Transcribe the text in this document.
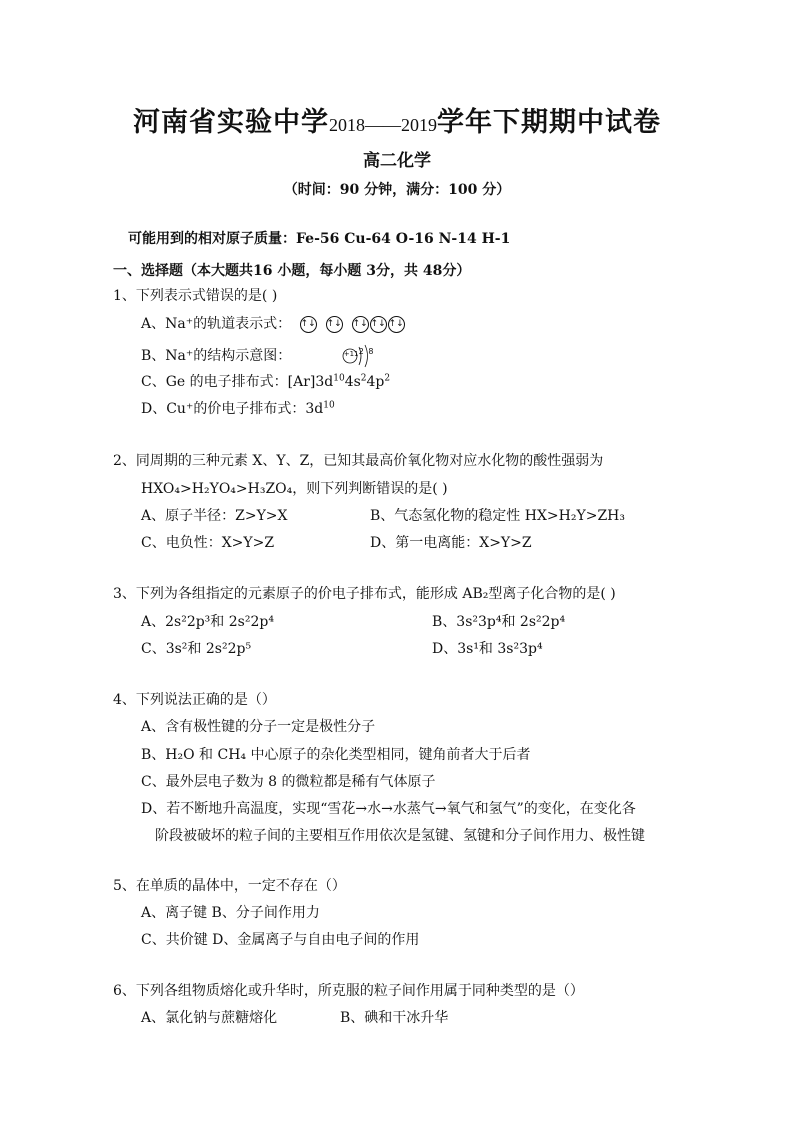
河南省实验中学2018——2019学年下期期中试卷
高二化学
（时间：90 分钟，满分：100 分）
可能用到的相对原子质量：Fe-56 Cu-64 O-16 N-14 H-1
一、选择题（本大题共16 小题，每小题 3分，共 48分）
1、下列表示式错误的是( )
A、Na⁺的轨道表示式： ↑↓ ↑↓ ↑↓ ↑↓ ↑↓
B、Na⁺的结构示意图：	+11 2 8
C、Ge 的电子排布式：$[Ar]3d^{10}4s^24p^2$
D、Cu⁺的价电子排布式：$3d^{10}$
2、同周期的三种元素 X、Y、Z，已知其最高价氧化物对应水化物的酸性强弱为
HXO₄>H₂YO₄>H₃ZO₄，则下列判断错误的是( )
A、原子半径：Z>Y>X	B、气态氢化物的稳定性 HX>H₂Y>ZH₃
C、电负性：X>Y>Z	D、第一电离能：X>Y>Z
3、下列为各组指定的元素原子的价电子排布式，能形成 AB₂型离子化合物的是( )
A、2s²2p³和 2s²2p⁴	B、3s²3p⁴和 2s²2p⁴
C、3s²和 2s²2p⁵	D、3s¹和 3s²3p⁴
4、下列说法正确的是（）
A、含有极性键的分子一定是极性分子
B、H₂O 和 CH₄ 中心原子的杂化类型相同，键角前者大于后者
C、最外层电子数为 8 的微粒都是稀有气体原子
D、若不断地升高温度，实现“雪花→水→水蒸气→氧气和氢气”的变化，在变化各
阶段被破坏的粒子间的主要相互作用依次是氢键、氢键和分子间作用力、极性键
5、在单质的晶体中，一定不存在（）
A、离子键 B、分子间作用力
C、共价键 D、金属离子与自由电子间的作用
6、下列各组物质熔化或升华时，所克服的粒子间作用属于同种类型的是（）
A、氯化钠与蔗糖熔化	B、碘和干冰升华
